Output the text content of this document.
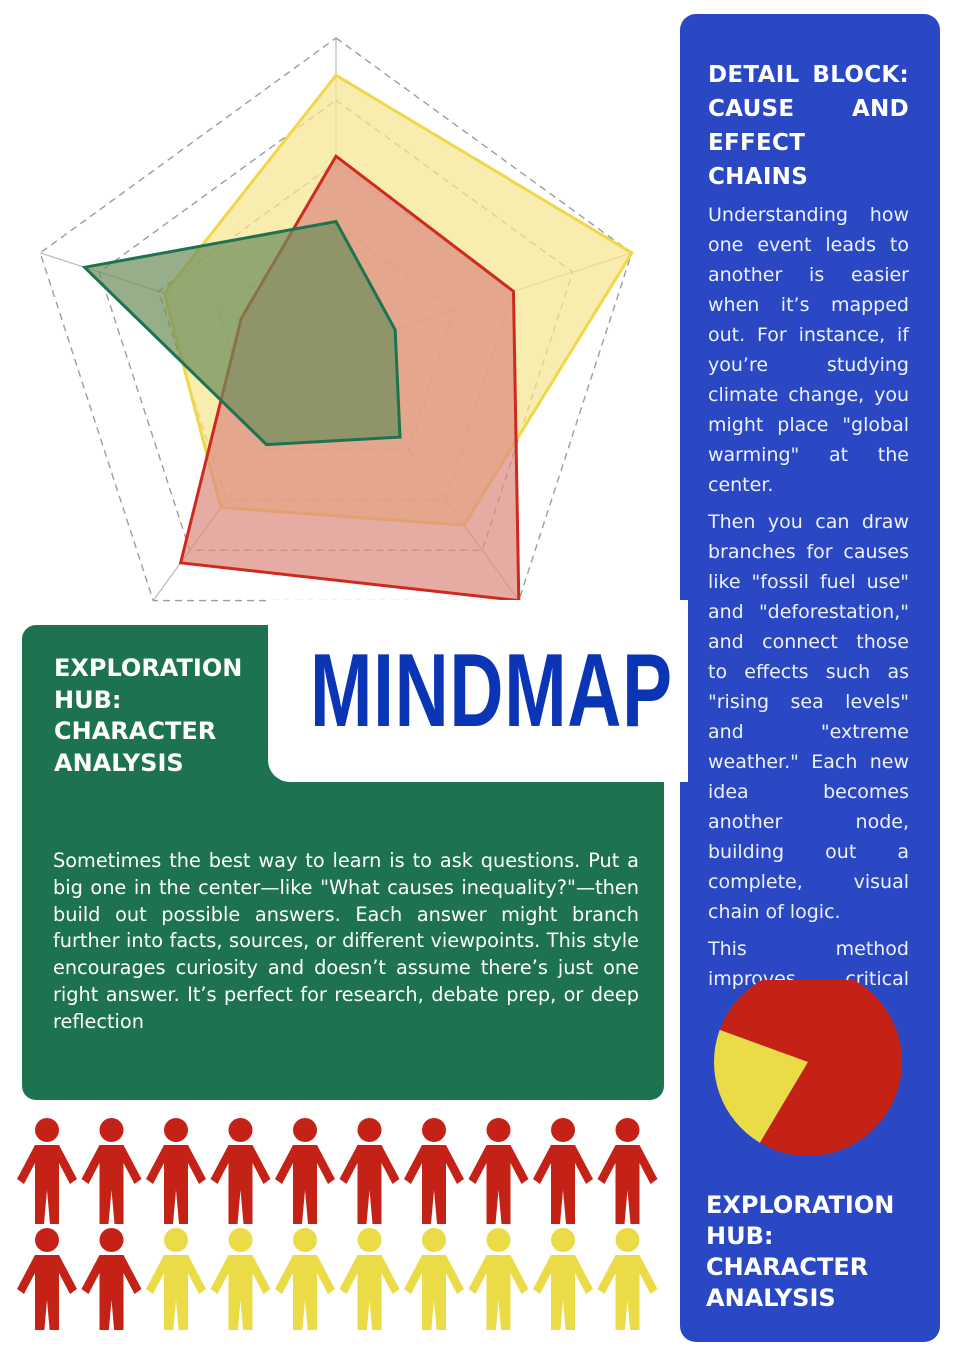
DETAIL BLOCK:
CAUSE AND
EFFECT CHAINS

Understanding how one event leads to another is easier when it’s mapped out. For instance, if you’re studying climate change, you might place "global warming" at the center.

Then you can draw branches for causes like "fossil fuel use" and "deforestation," and connect those to effects such as "rising sea levels" and "extreme weather." Each new idea becomes another node, building out a complete, visual chain of logic.

This method improves critical

EXPLORATION
HUB:
CHARACTER
ANALYSIS
EXPLORATION
HUB:
CHARACTER
ANALYSIS
MINDMAP

Sometimes the best way to learn is to ask questions. Put a big one in the center—like "What causes inequality?"—then build out possible answers. Each answer might branch further into facts, sources, or different viewpoints. This style encourages curiosity and doesn’t assume there’s just one right answer. It’s perfect for research, debate prep, or deep reflection
